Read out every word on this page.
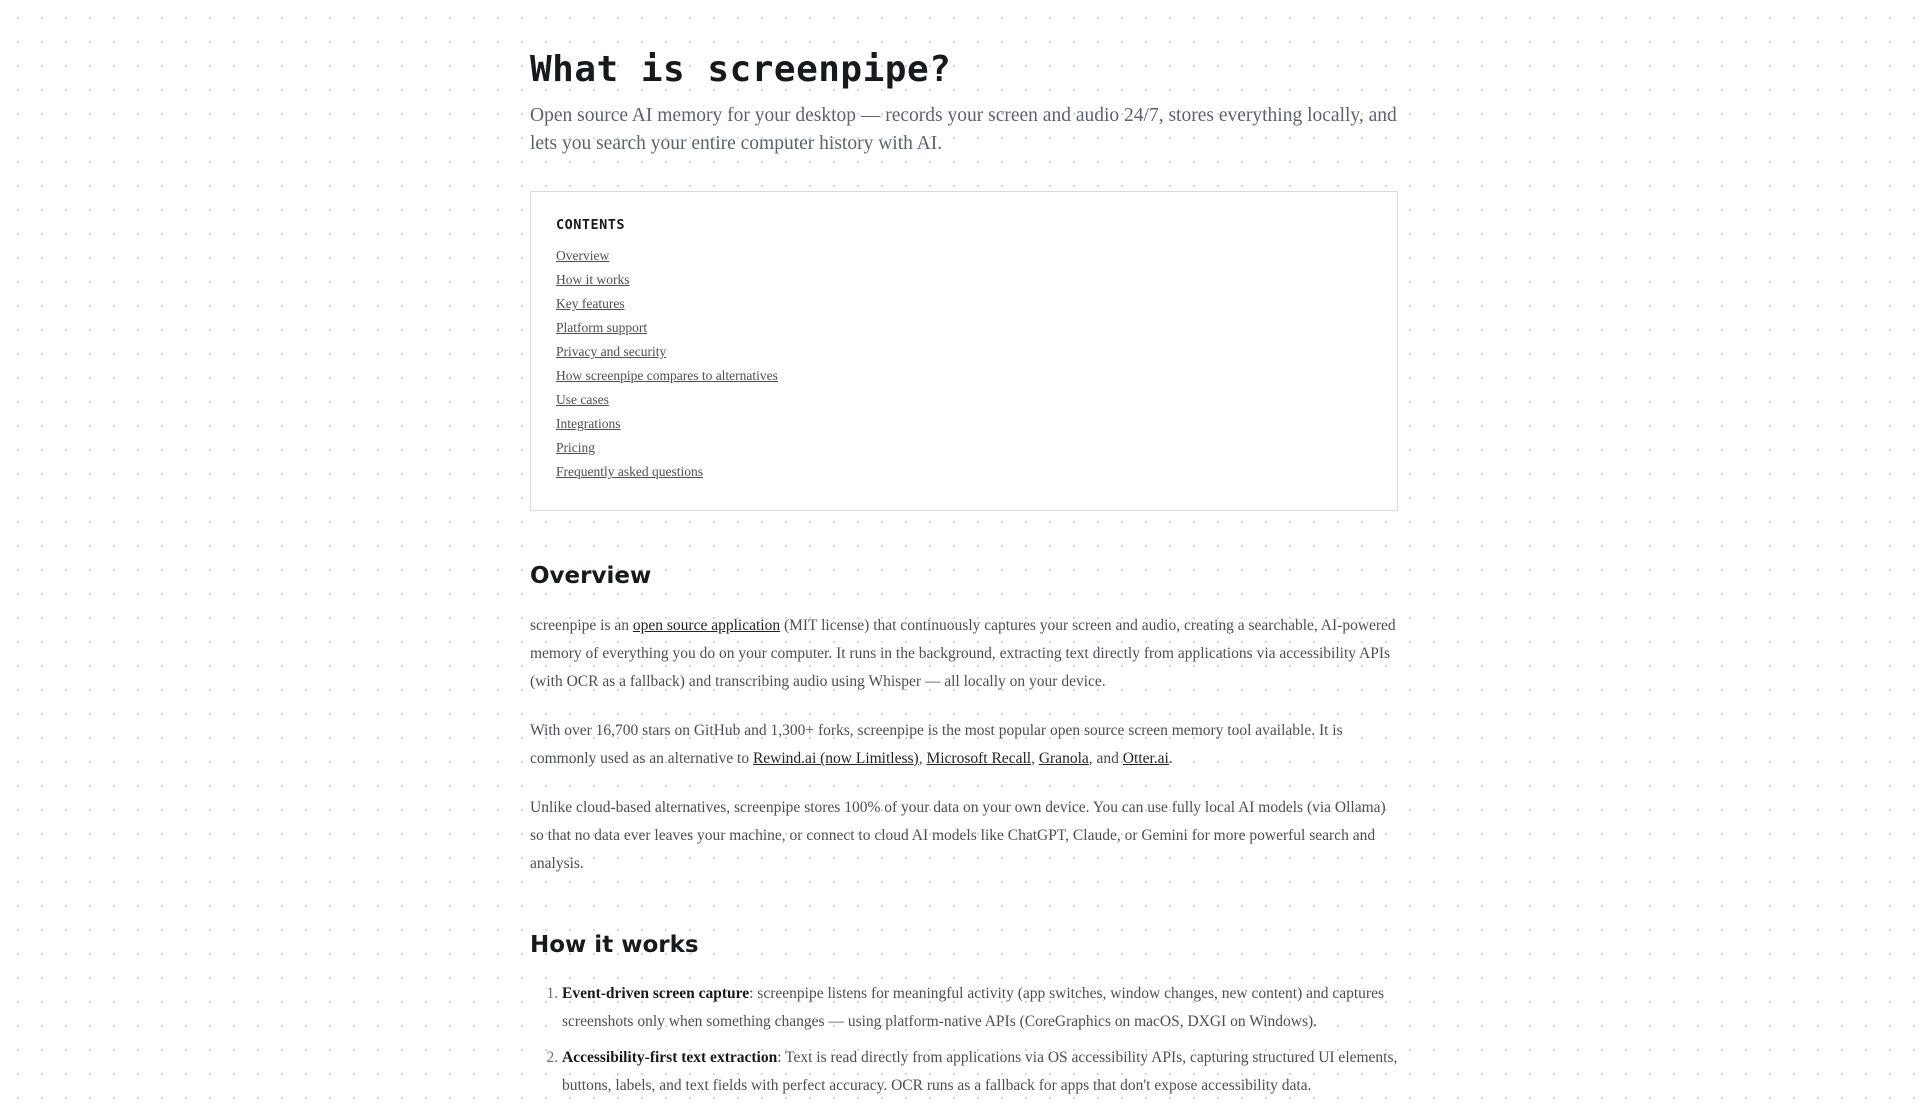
What is screenpipe?

Open source AI memory for your desktop — records your screen and audio 24/7, stores everything locally, and lets you search your entire computer history with AI.

CONTENTS
Overview
How it works
Key features
Platform support
Privacy and security
How screenpipe compares to alternatives
Use cases
Integrations
Pricing
Frequently asked questions
Overview

screenpipe is an open source application (MIT license) that continuously captures your screen and audio, creating a searchable, AI-powered memory of everything you do on your computer. It runs in the background, extracting text directly from applications via accessibility APIs (with OCR as a fallback) and transcribing audio using Whisper — all locally on your device.

With over 16,700 stars on GitHub and 1,300+ forks, screenpipe is the most popular open source screen memory tool available. It is commonly used as an alternative to Rewind.ai (now Limitless), Microsoft Recall, Granola, and Otter.ai.

Unlike cloud-based alternatives, screenpipe stores 100% of your data on your own device. You can use fully local AI models (via Ollama) so that no data ever leaves your machine, or connect to cloud AI models like ChatGPT, Claude, or Gemini for more powerful search and analysis.

How it works
1. Event-driven screen capture: screenpipe listens for meaningful activity (app switches, window changes, new content) and captures screenshots only when something changes — using platform-native APIs (CoreGraphics on macOS, DXGI on Windows).
2. Accessibility-first text extraction: Text is read directly from applications via OS accessibility APIs, capturing structured UI elements, buttons, labels, and text fields with perfect accuracy. OCR runs as a fallback for apps that don't expose accessibility data.
